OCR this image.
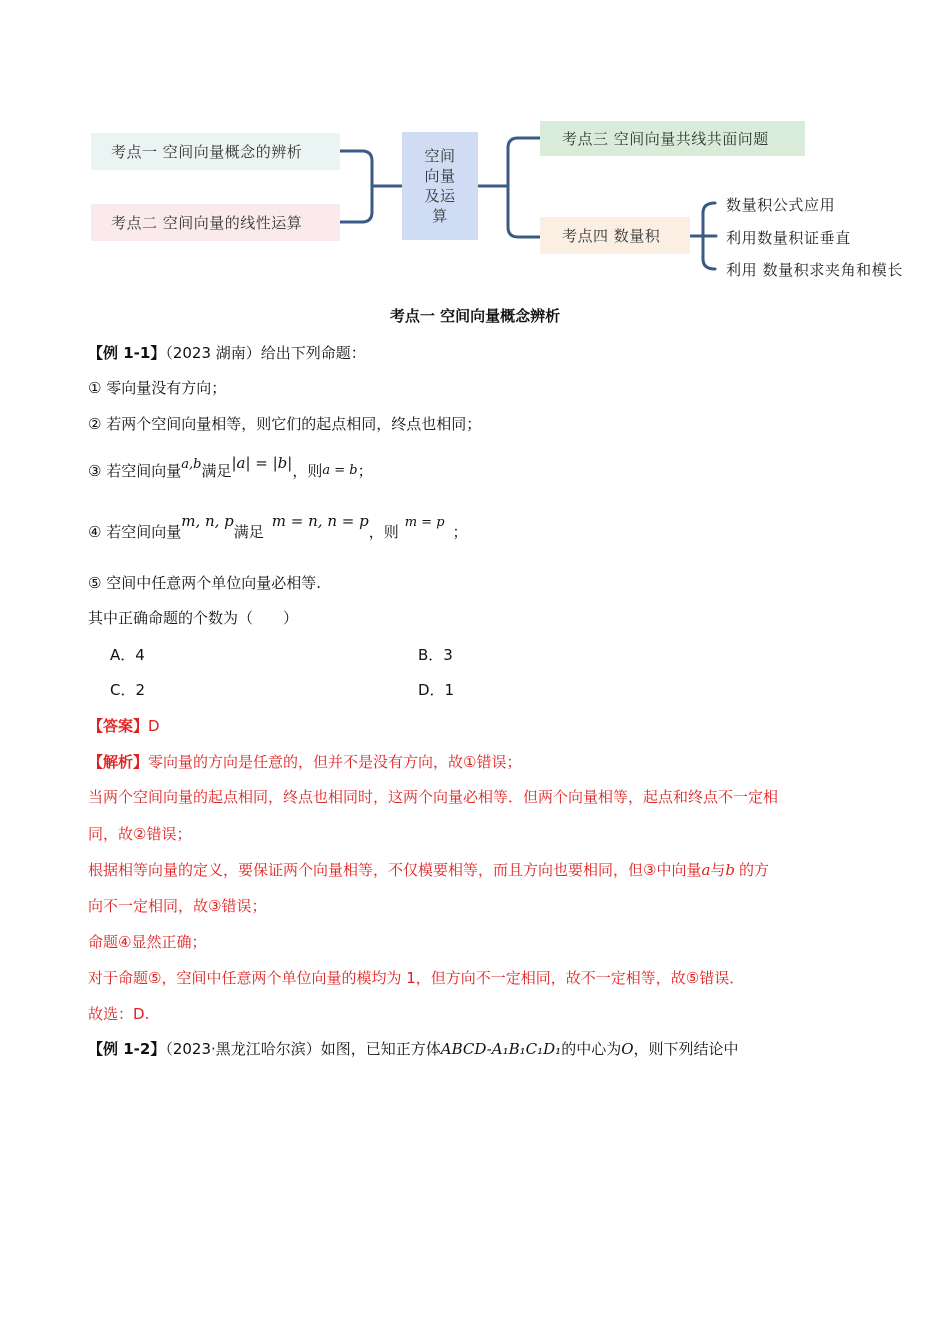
考点一 空间向量概念的辨析
考点二 空间向量的线性运算
空间向量及运算
考点三 空间向量共线共面问题
考点四 数量积
数量积公式应用
利用数量积证垂直
利用 数量积求夹角和模长
考点一 空间向量概念辨析
【例 1-1】（2023 湖南）给出下列命题：
① 零向量没有方向；
② 若两个空间向量相等，则它们的起点相同，终点也相同；
③ 若空间向量a,b满足|a| = |b|，则a = b；
④ 若空间向量m, n, p满足m = n, n = p，则m = p；
⑤ 空间中任意两个单位向量必相等.
其中正确命题的个数为（　　）
A．4	B．3
C．2	D．1
【答案】D
【解析】零向量的方向是任意的，但并不是没有方向，故①错误；
当两个空间向量的起点相同，终点也相同时，这两个向量必相等．但两个向量相等，起点和终点不一定相
同，故②错误；
根据相等向量的定义，要保证两个向量相等，不仅模要相等，而且方向也要相同，但③中向量a与b 的方
向不一定相同，故③错误；
命题④显然正确；
对于命题⑤，空间中任意两个单位向量的模均为 1，但方向不一定相同，故不一定相等，故⑤错误．
故选：D.
【例 1-2】（2023·黑龙江哈尔滨）如图，已知正方体ABCD-A₁B₁C₁D₁的中心为O，则下列结论中
